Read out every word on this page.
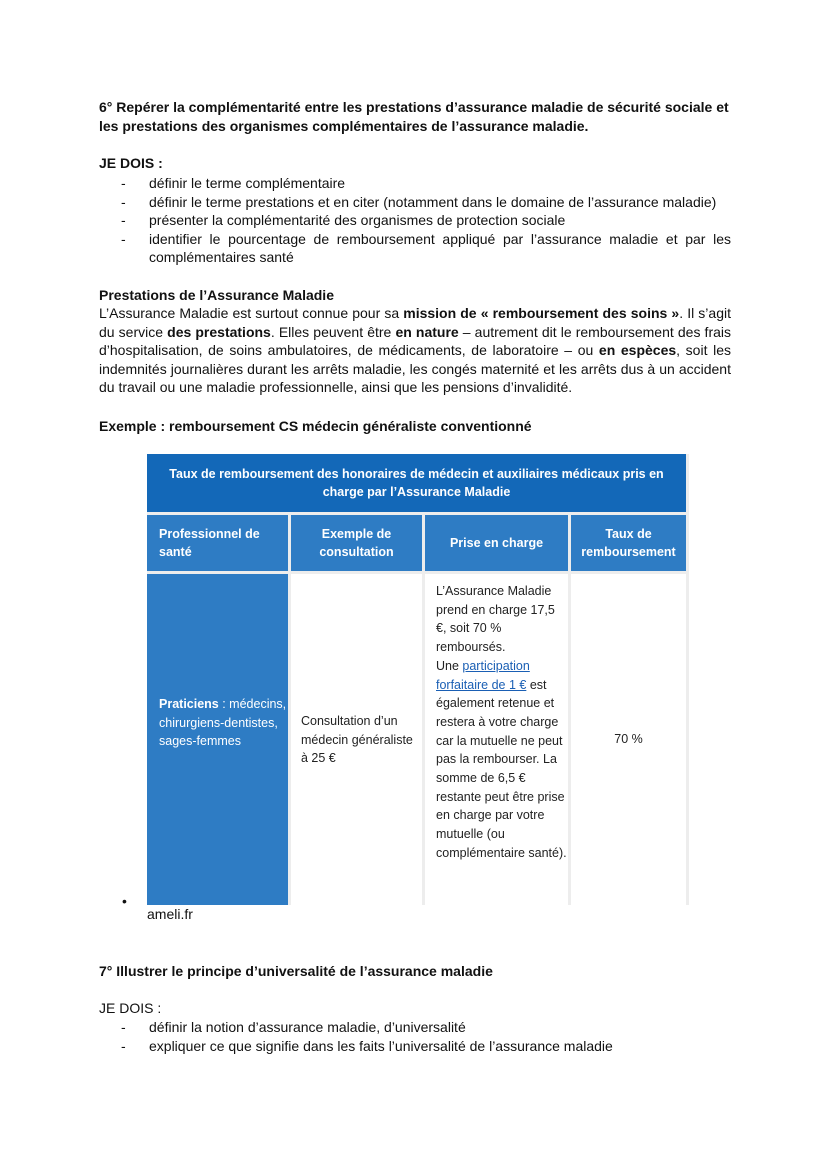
6° Repérer la complémentarité entre les prestations d’assurance maladie de sécurité sociale et les prestations des organismes complémentaires de l’assurance maladie.
JE DOIS :
- définir le terme complémentaire
- définir le terme prestations et en citer (notamment dans le domaine de l’assurance maladie)
- présenter la complémentarité des organismes de protection sociale
- identifier le pourcentage de remboursement appliqué par l’assurance maladie et par les complémentaires santé
Prestations de l’Assurance Maladie
L’Assurance Maladie est surtout connue pour sa mission de « remboursement des soins ». Il s’agit du service des prestations. Elles peuvent être en nature – autrement dit le remboursement des frais d’hospitalisation, de soins ambulatoires, de médicaments, de laboratoire – ou en espèces, soit les indemnités journalières durant les arrêts maladie, les congés maternité et les arrêts dus à un accident du travail ou une maladie professionnelle, ainsi que les pensions d’invalidité.
Exemple : remboursement CS médecin généraliste conventionné
Taux de remboursement des honoraires de médecin et auxiliaires médicaux pris en charge par l’Assurance Maladie
Professionnel de santé
Exemple de consultation
Prise en charge
Taux de remboursement
Praticiens : médecins, chirurgiens-dentistes, sages-femmes
Consultation d’un médecin généraliste à 25 €
L’Assurance Maladie prend en charge 17,5 €, soit 70 % remboursés.
Une participation forfaitaire de 1 € est également retenue et restera à votre charge car la mutuelle ne peut pas la rembourser. La somme de 6,5 € restante peut être prise en charge par votre mutuelle (ou complémentaire santé).
70 %
•
ameli.fr
7° Illustrer le principe d’universalité de l’assurance maladie
JE DOIS :
- définir la notion d’assurance maladie, d’universalité
- expliquer ce que signifie dans les faits l’universalité de l’assurance maladie
